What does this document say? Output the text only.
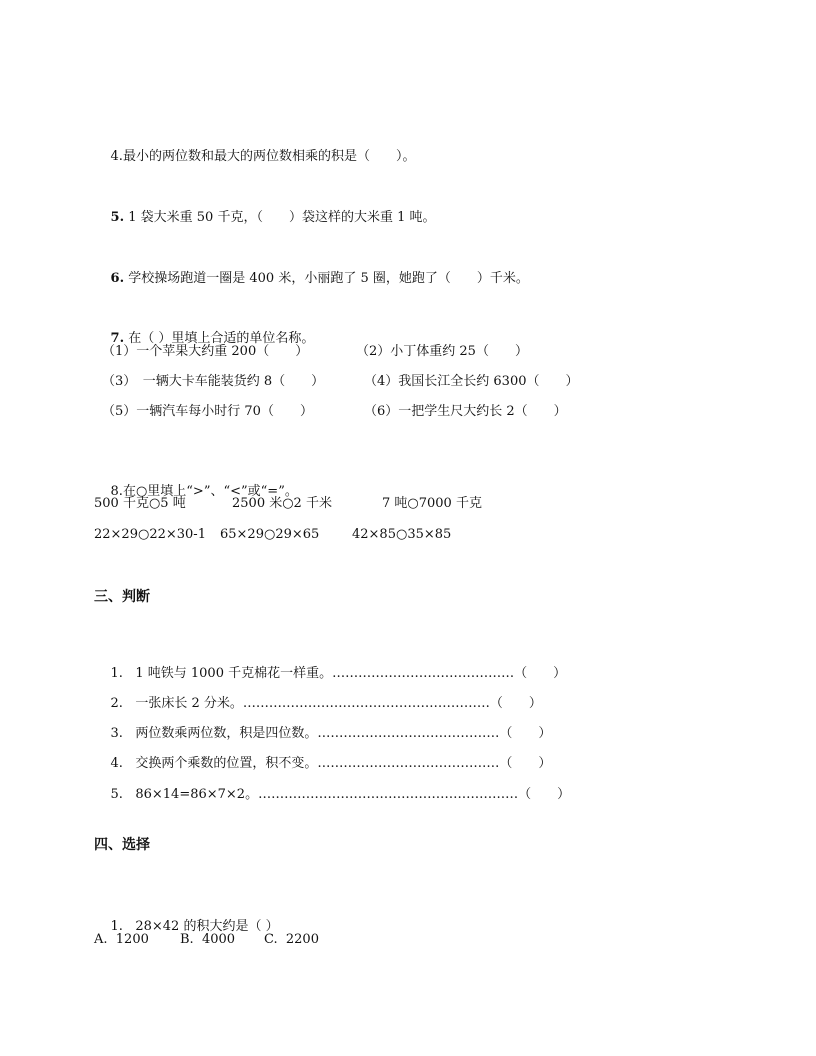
4.最小的两位数和最大的两位数相乘的积是（　　）。

5. 1 袋大米重 50 千克，（　　）袋这样的大米重 1 吨。

6. 学校操场跑道一圈是 400 米，小丽跑了 5 圈，她跑了（　　）千米。

7. 在（ ）里填上合适的单位名称。

（1）一个苹果大约重 200（　　）	（2）小丁体重约 25（　　）
（3）　一辆大卡车能装货约 8（　　）	（4）我国长江全长约 6300（　　）
（5）一辆汽车每小时行 70（　　）	（6）一把学生尺大约长 2（　　）

8.在○里填上“>”、“<”或“=”。

500 千克○5 吨	2500 米○2 千米	7 吨○7000 千克
22×29○22×30-1 65×29○29×65	42×85○35×85
三、判断

1. 1 吨铁与 1000 千克棉花一样重。……………………………………（　　）

2. 一张床长 2 分米。…………………………………………………（　　）

3. 两位数乘两位数，积是四位数。……………………………………（　　）

4. 交换两个乘数的位置，积不变。……………………………………（　　）

5. 86×14=86×7×2。……………………………………………………（　　）

四、选择

1. 28×42 的积大约是（ ）

A.  1200 B.  4000 C.  2200
